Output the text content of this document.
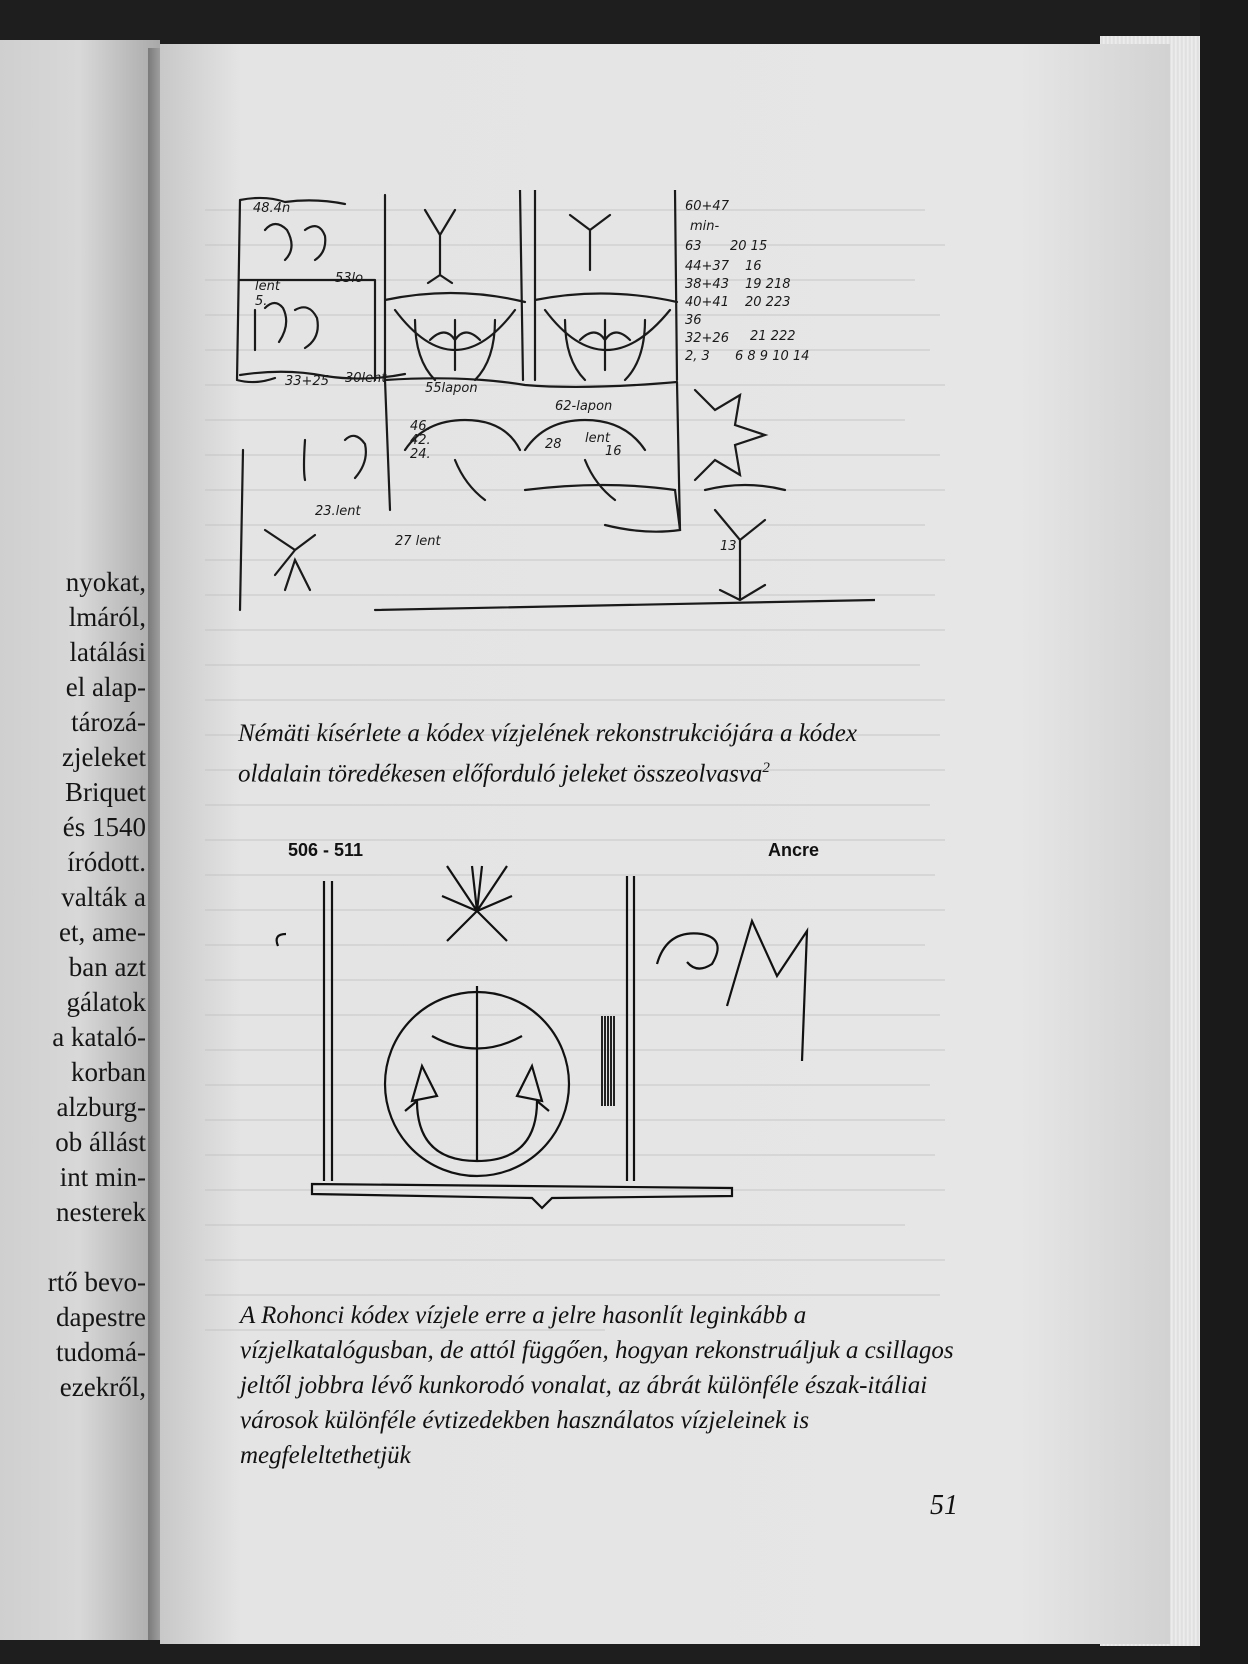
nyokat,
lmáról,
latálási
el alap-
tározá-
zjeleket
Briquet
és 1540
íródott.
valták a
et, ame-
ban azt
gálatok
a kataló-
korban
alzburg-
ob állást
int min-
nesterek
rtő bevo-
dapestre
tudomá-
ezekről,
48.4n
lent
5.
53lo
33+25 30lent
55lapon
46.
42.
24.
62-lapon
28 lent
16
23.lent
27 lent	13
60+47
min-
63 20 15
44+37 16
38+43 19 218
40+41 20 223
36
32+26 21 222
2, 3 6 8 9 10 14
Némäti kísérlete a kódex vízjelének rekonstrukciójára a kódex oldalain töredékesen előforduló jeleket összeolvasva$^2$
506 - 511	Ancre
A Rohonci kódex vízjele erre a jelre hasonlít leginkább a vízjelkatalógusban, de attól függően, hogyan rekonstruáljuk a csillagos jeltől jobbra lévő kunkorodó vonalat, az ábrát különféle észak-itáliai városok különféle évtizedekben használatos vízjeleinek is megfeleltethetjük
51
